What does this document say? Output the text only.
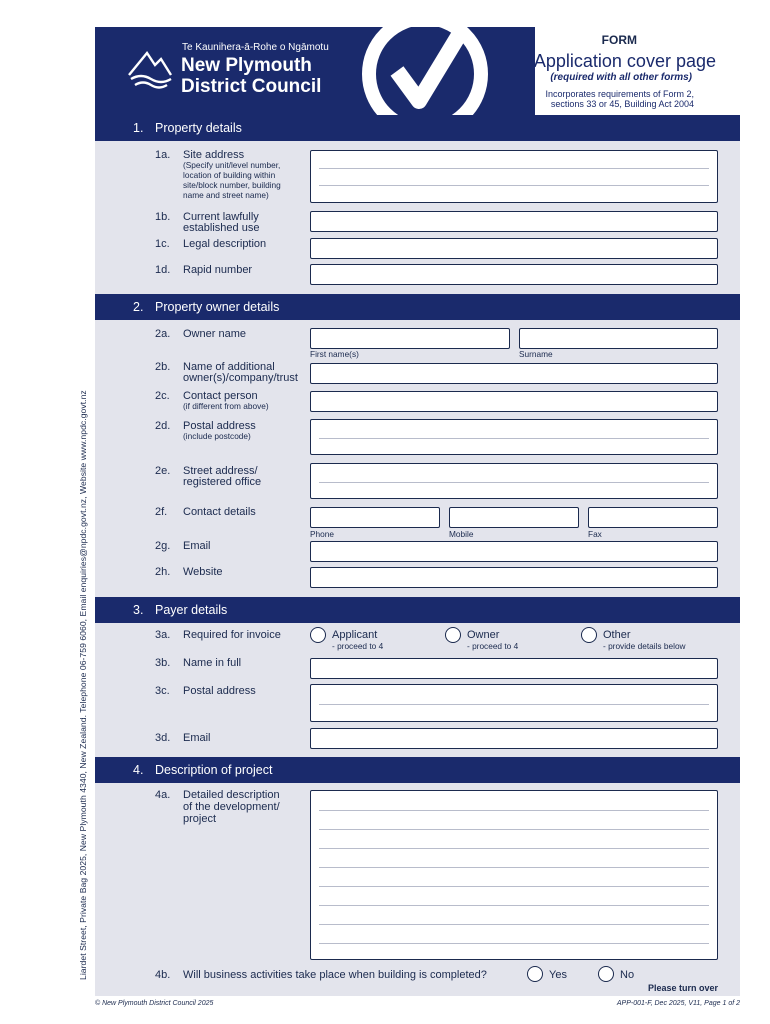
Liardet Street, Private Bag 2025, New Plymouth 4340, New Zealand. Telephone 06-759 6060, Email enquiries@npdc.govt.nz, Website www.npdc.govt.nz
Te Kaunihera-ā-Rohe o Ngāmotu
New Plymouth
District Council
FORM
Application cover page
(required with all other forms)
Incorporates requirements of Form 2,
sections 33 or 45, Building Act 2004
1. Property details
1a. Site address
(Specify unit/level number,
location of building within
site/block number, building
name and street name)
1b. Current lawfully
established use
1c. Legal description
1d. Rapid number
2. Property owner details
2a. Owner name
First name(s)	Surname
2b. Name of additional
owner(s)/company/trust
2c. Contact person
(if different from above)
2d. Postal address
(include postcode)
2e. Street address/
registered office
2f. Contact details
Phone	Mobile	Fax
2g. Email
2h. Website
3. Payer details
3a. Required for invoice	Applicant
- proceed to 4
Owner
- proceed to 4
Other
- provide details below
3b. Name in full
3c. Postal address
3d. Email
4. Description of project
4a. Detailed description
of the development/
project
4b. Will business activities take place when building is completed?	Yes	No
Please turn over
© New Plymouth District Council 2025	APP-001-F, Dec 2025, V11, Page 1 of 2
